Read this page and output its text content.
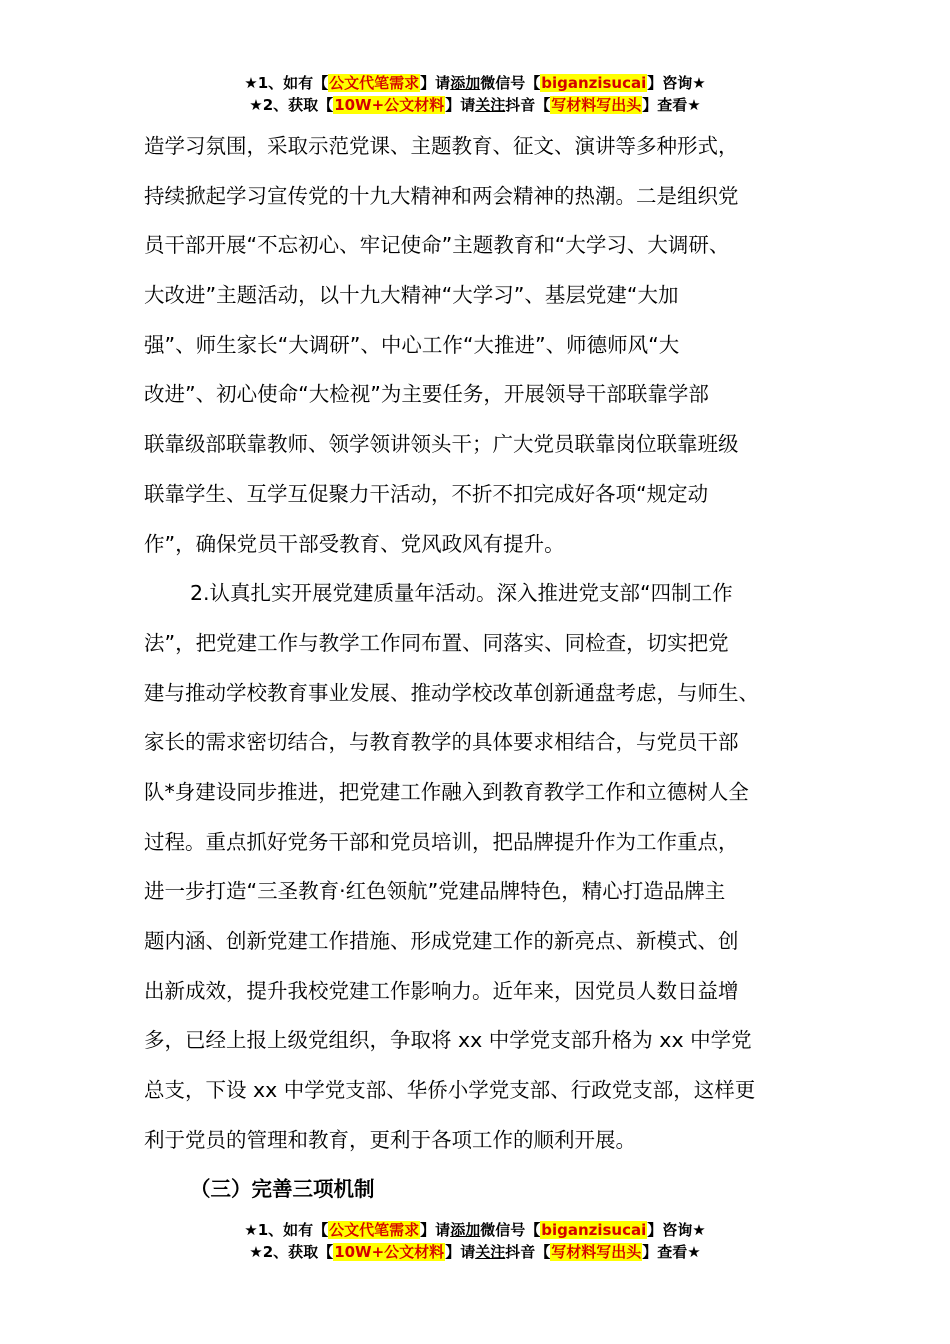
★1、如有【公文代笔需求】请添加微信号【biganzisucai】咨询★
★2、获取【10W+公文材料】请关注抖音【写材料写出头】查看★
造学习氛围，采取示范党课、主题教育、征文、演讲等多种形式，
持续掀起学习宣传党的十九大精神和两会精神的热潮。二是组织党
员干部开展“不忘初心、牢记使命”主题教育和“大学习、大调研、
大改进”主题活动，以十九大精神“大学习”、基层党建“大加
强”、师生家长“大调研”、中心工作“大推进”、师德师风“大
改进”、初心使命“大检视”为主要任务，开展领导干部联靠学部
联靠级部联靠教师、领学领讲领头干；广大党员联靠岗位联靠班级
联靠学生、互学互促聚力干活动，不折不扣完成好各项“规定动
作”，确保党员干部受教育、党风政风有提升。
2.认真扎实开展党建质量年活动。深入推进党支部“四制工作
法”，把党建工作与教学工作同布置、同落实、同检查，切实把党
建与推动学校教育事业发展、推动学校改革创新通盘考虑，与师生、
家长的需求密切结合，与教育教学的具体要求相结合，与党员干部
队*身建设同步推进，把党建工作融入到教育教学工作和立德树人全
过程。重点抓好党务干部和党员培训，把品牌提升作为工作重点，
进一步打造“三圣教育·红色领航”党建品牌特色，精心打造品牌主
题内涵、创新党建工作措施、形成党建工作的新亮点、新模式、创
出新成效，提升我校党建工作影响力。近年来，因党员人数日益增
多，已经上报上级党组织，争取将 xx 中学党支部升格为 xx 中学党
总支，下设 xx 中学党支部、华侨小学党支部、行政党支部，这样更
利于党员的管理和教育，更利于各项工作的顺利开展。
（三）完善三项机制
★1、如有【公文代笔需求】请添加微信号【biganzisucai】咨询★
★2、获取【10W+公文材料】请关注抖音【写材料写出头】查看★
